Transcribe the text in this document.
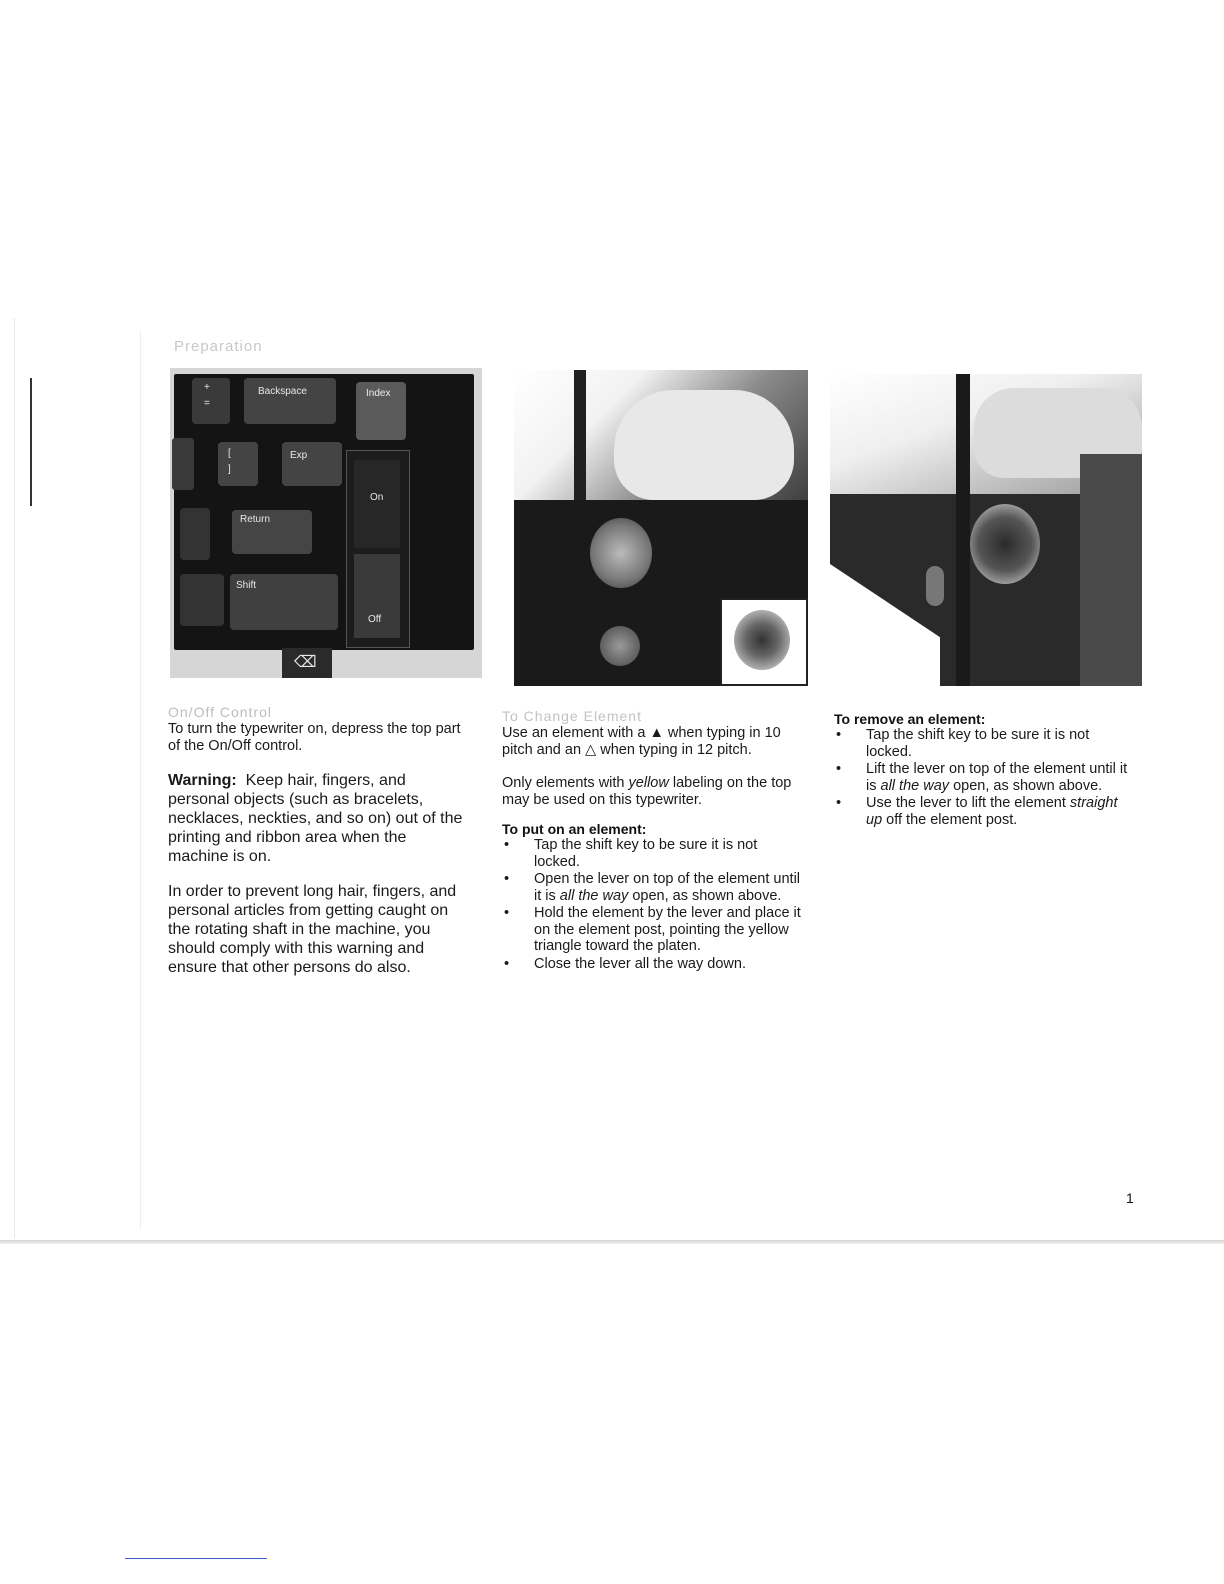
Preparation
+
=
Backspace	Index
[
]
Exp
On
Off
Return
Shift
⌫
On/Off Control

To turn the typewriter on, depress the top part of the On/Off control.

Warning: Keep hair, fingers, and personal objects (such as bracelets, necklaces, neckties, and so on) out of the printing and ribbon area when the machine is on.

In order to prevent long hair, fingers, and personal articles from getting caught on the rotating shaft in the machine, you should comply with this warning and ensure that other persons do also.

To Change Element

Use an element with a ▲ when typing in 10 pitch and an △ when typing in 12 pitch.

Only elements with yellow labeling on the top may be used on this typewriter.

To put on an element:
• Tap the shift key to be sure it is not locked.
• Open the lever on top of the element until it is all the way open, as shown above.
• Hold the element by the lever and place it on the element post, pointing the yellow triangle toward the platen.
• Close the lever all the way down.
To remove an element:
• Tap the shift key to be sure it is not locked.
• Lift the lever on top of the element until it is all the way open, as shown above.
• Use the lever to lift the element straight up off the element post.
1
